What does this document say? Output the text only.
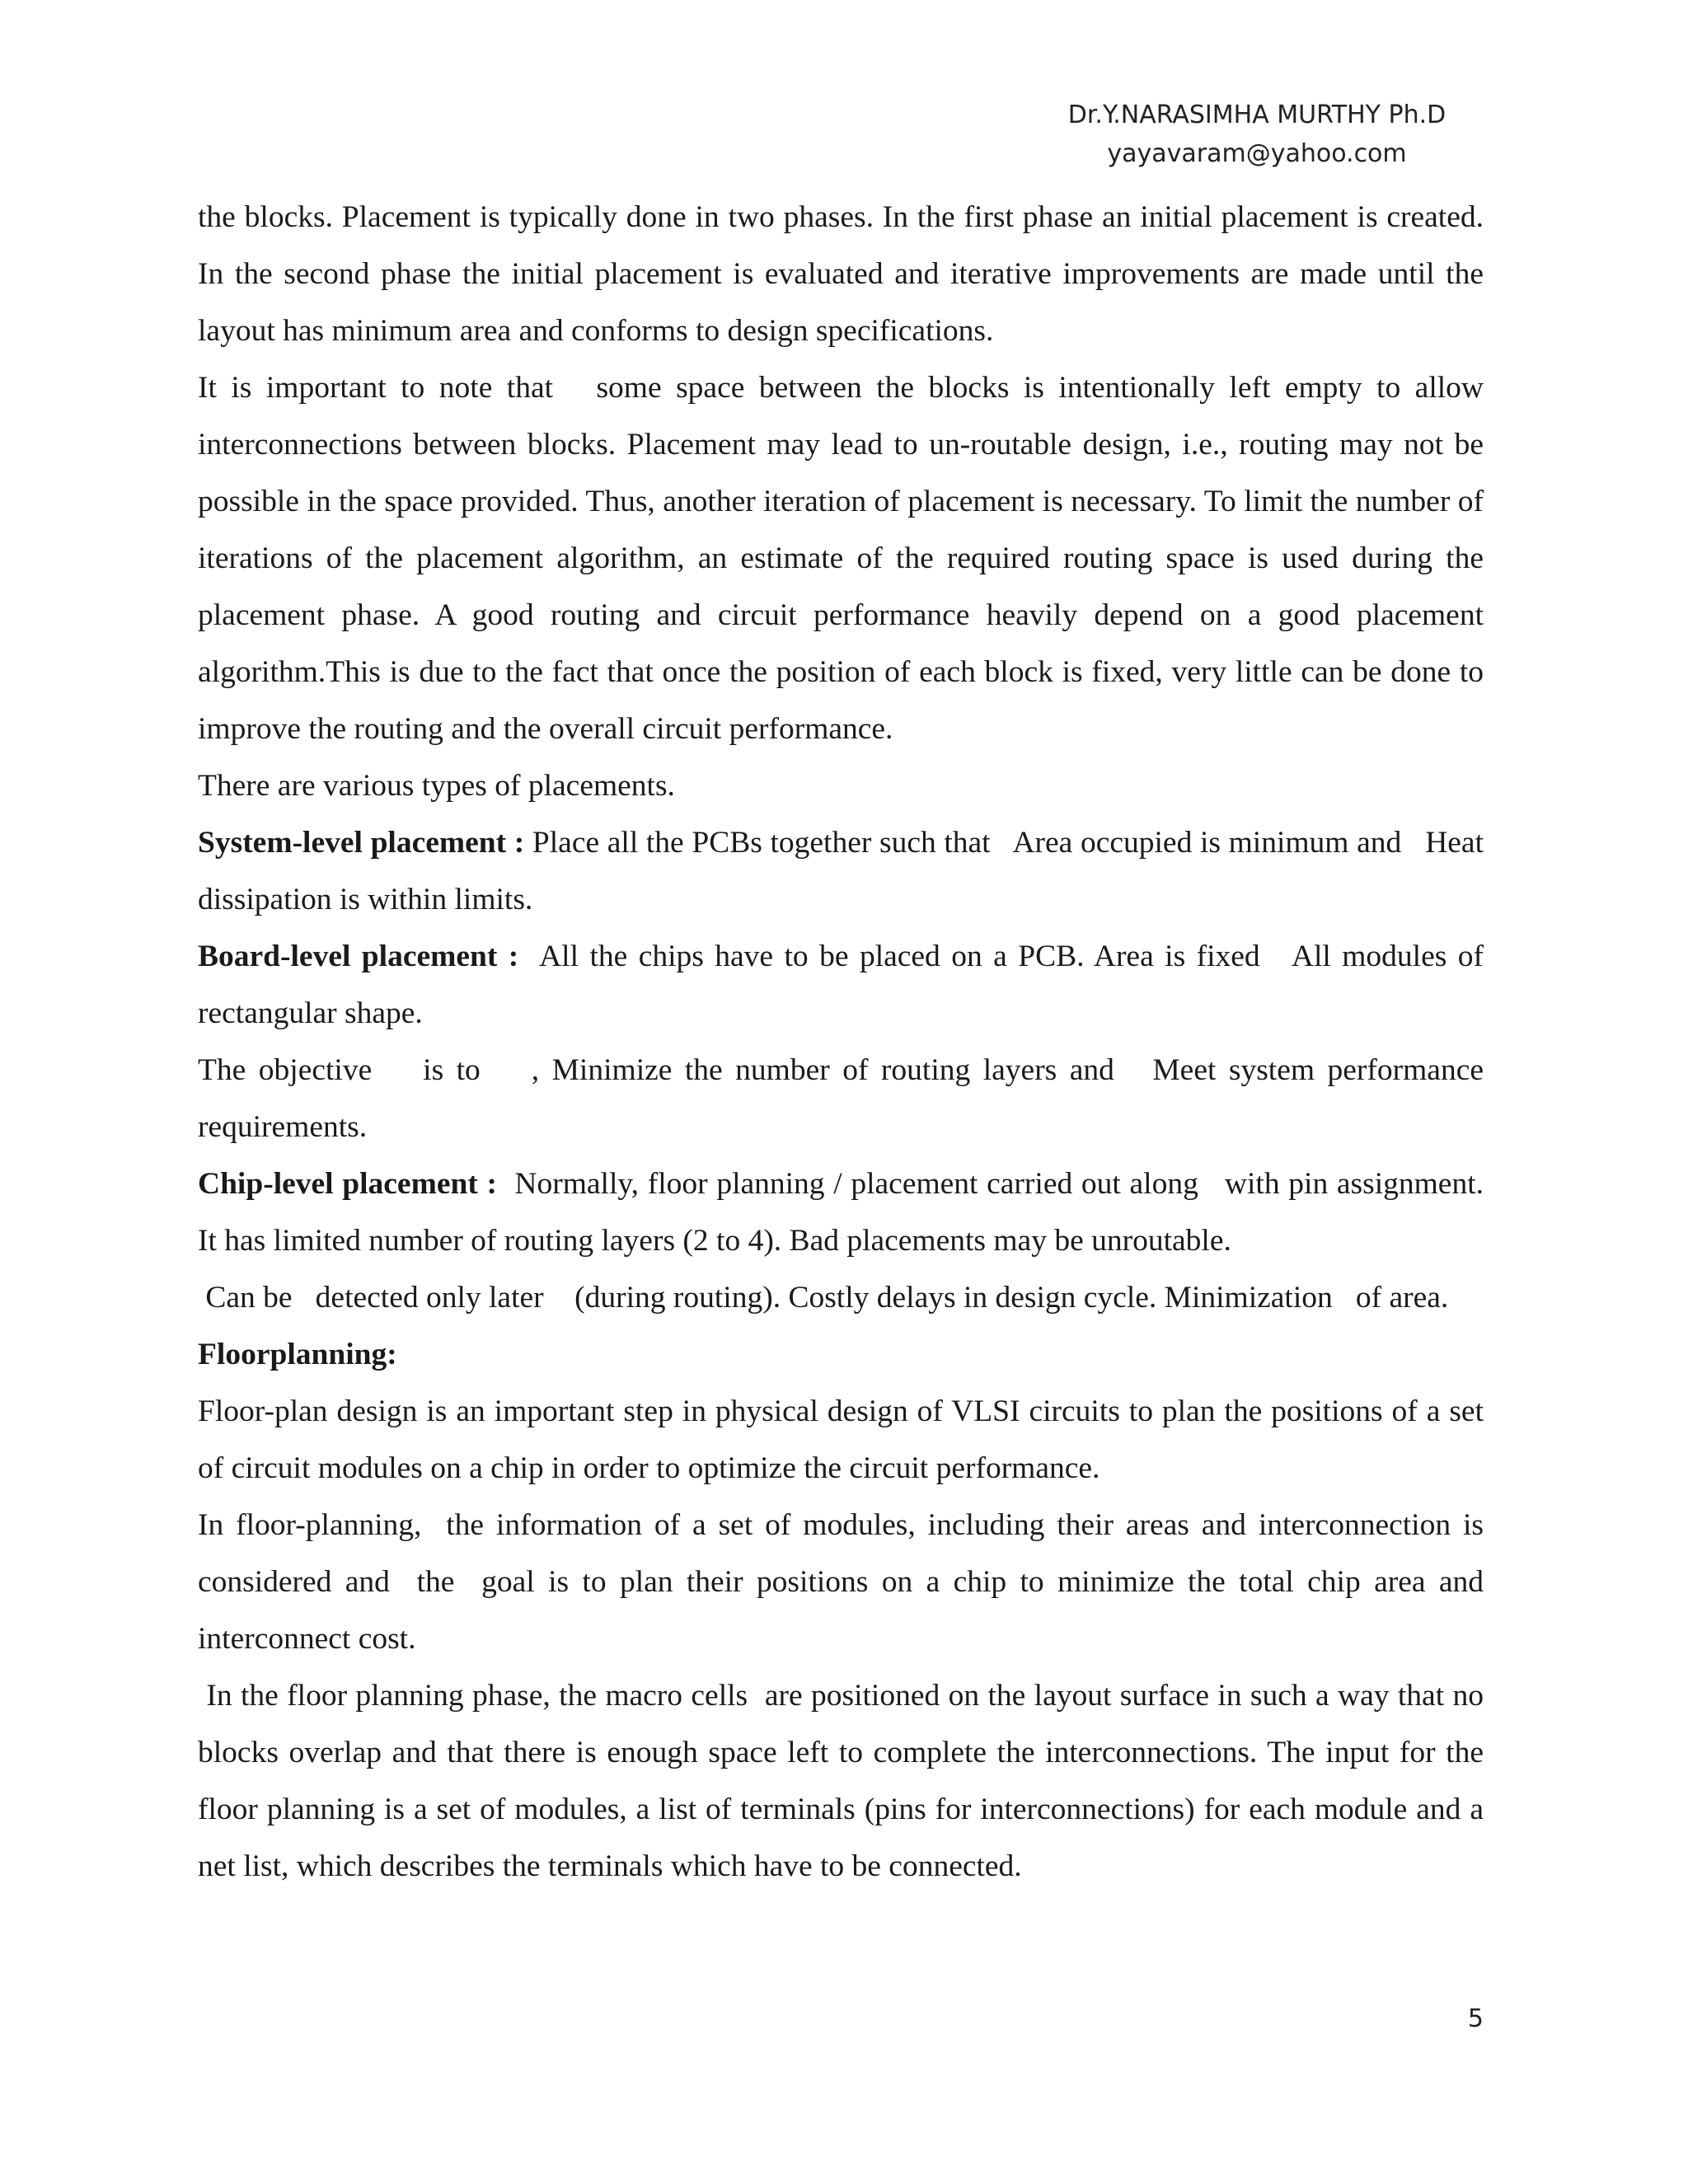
Dr.Y.NARASIMHA MURTHY Ph.D
yayavaram@yahoo.com

the blocks. Placement is typically done in two phases. In the first phase an initial placement is created. In the second phase the initial placement is evaluated and iterative improvements are made until the layout has minimum area and conforms to design specifications.

It is important to note that   some space between the blocks is intentionally left empty to allow interconnections between blocks. Placement may lead to un-routable design, i.e., routing may not be possible in the space provided. Thus, another iteration of placement is necessary. To limit the number of iterations of the placement algorithm, an estimate of the required routing space is used during the placement phase. A good routing and circuit performance heavily depend on a good placement algorithm.This is due to the fact that once the position of each block is fixed, very little can be done to improve the routing and the overall circuit performance.

There are various types of placements.

System-level placement : Place all the PCBs together such that   Area occupied is minimum and   Heat dissipation is within limits.

Board-level placement :  All the chips have to be placed on a PCB. Area is fixed   All modules of rectangular shape.

The objective    is to    , Minimize the number of routing layers and   Meet system performance requirements.

Chip-level placement :  Normally, floor planning / placement carried out along   with pin assignment. It has limited number of routing layers (2 to 4). Bad placements may be unroutable.

Can be   detected only later    (during routing). Costly delays in design cycle. Minimization   of area.

Floorplanning:

Floor-plan design is an important step in physical design of VLSI circuits to plan the positions of a set of circuit modules on a chip in order to optimize the circuit performance.

In floor-planning,  the information of a set of modules, including their areas and interconnection is considered and  the  goal is to plan their positions on a chip to minimize the total chip area and interconnect cost.

In the floor planning phase, the macro cells  are positioned on the layout surface in such a way that no blocks overlap and that there is enough space left to complete the interconnections. The input for the floor planning is a set of modules, a list of terminals (pins for interconnections) for each module and a net list, which describes the terminals which have to be connected.

5
